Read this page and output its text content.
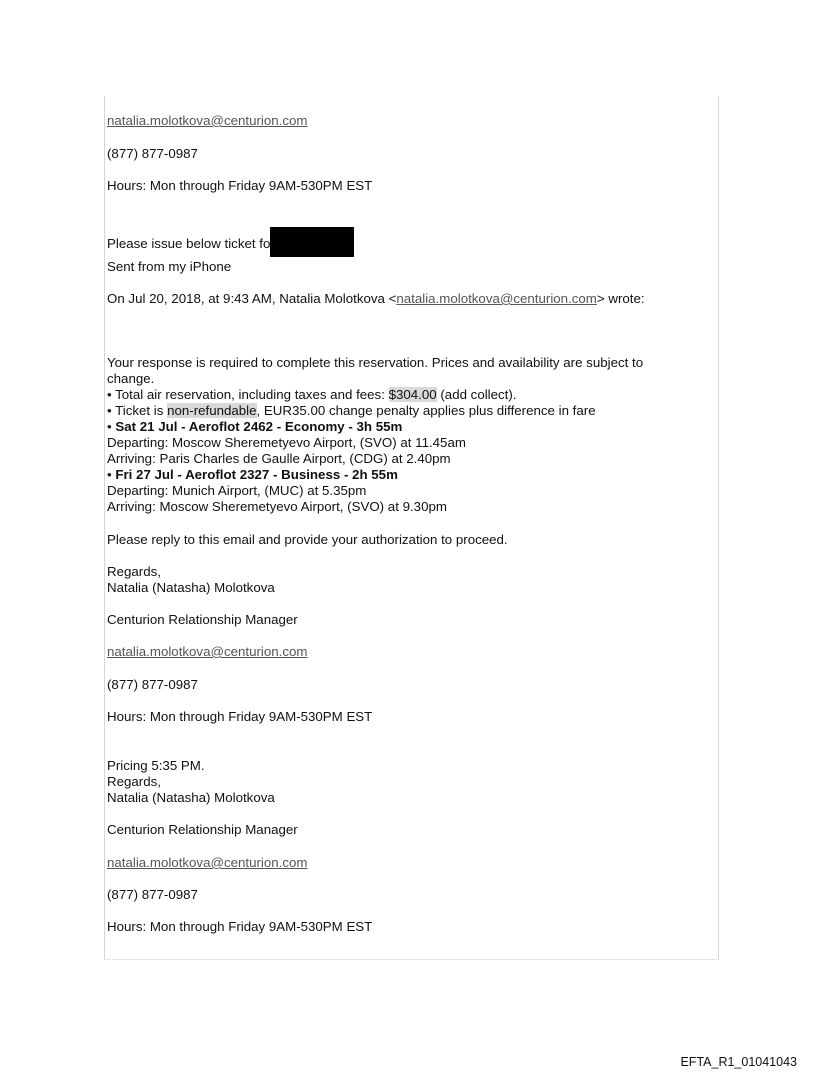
natalia.molotkova@centurion.com
(877) 877-0987
Hours: Mon through Friday 9AM-530PM EST
Please issue below ticket fo
Sent from my iPhone
On Jul 20, 2018, at 9:43 AM, Natalia Molotkova <natalia.molotkova@centurion.com> wrote:
Your response is required to complete this reservation. Prices and availability are subject to
change.
• Total air reservation, including taxes and fees: $304.00 (add collect).
• Ticket is non-refundable, EUR35.00 change penalty applies plus difference in fare
• Sat 21 Jul - Aeroflot 2462 - Economy - 3h 55m
Departing: Moscow Sheremetyevo Airport, (SVO) at 11.45am
Arriving: Paris Charles de Gaulle Airport, (CDG) at 2.40pm
• Fri 27 Jul - Aeroflot 2327 - Business - 2h 55m
Departing: Munich Airport, (MUC) at 5.35pm
Arriving: Moscow Sheremetyevo Airport, (SVO) at 9.30pm
Please reply to this email and provide your authorization to proceed.
Regards,
Natalia (Natasha) Molotkova
Centurion Relationship Manager
natalia.molotkova@centurion.com
(877) 877-0987
Hours: Mon through Friday 9AM-530PM EST
Pricing 5:35 PM.
Regards,
Natalia (Natasha) Molotkova
Centurion Relationship Manager
natalia.molotkova@centurion.com
(877) 877-0987
Hours: Mon through Friday 9AM-530PM EST
EFTA_R1_01041043
